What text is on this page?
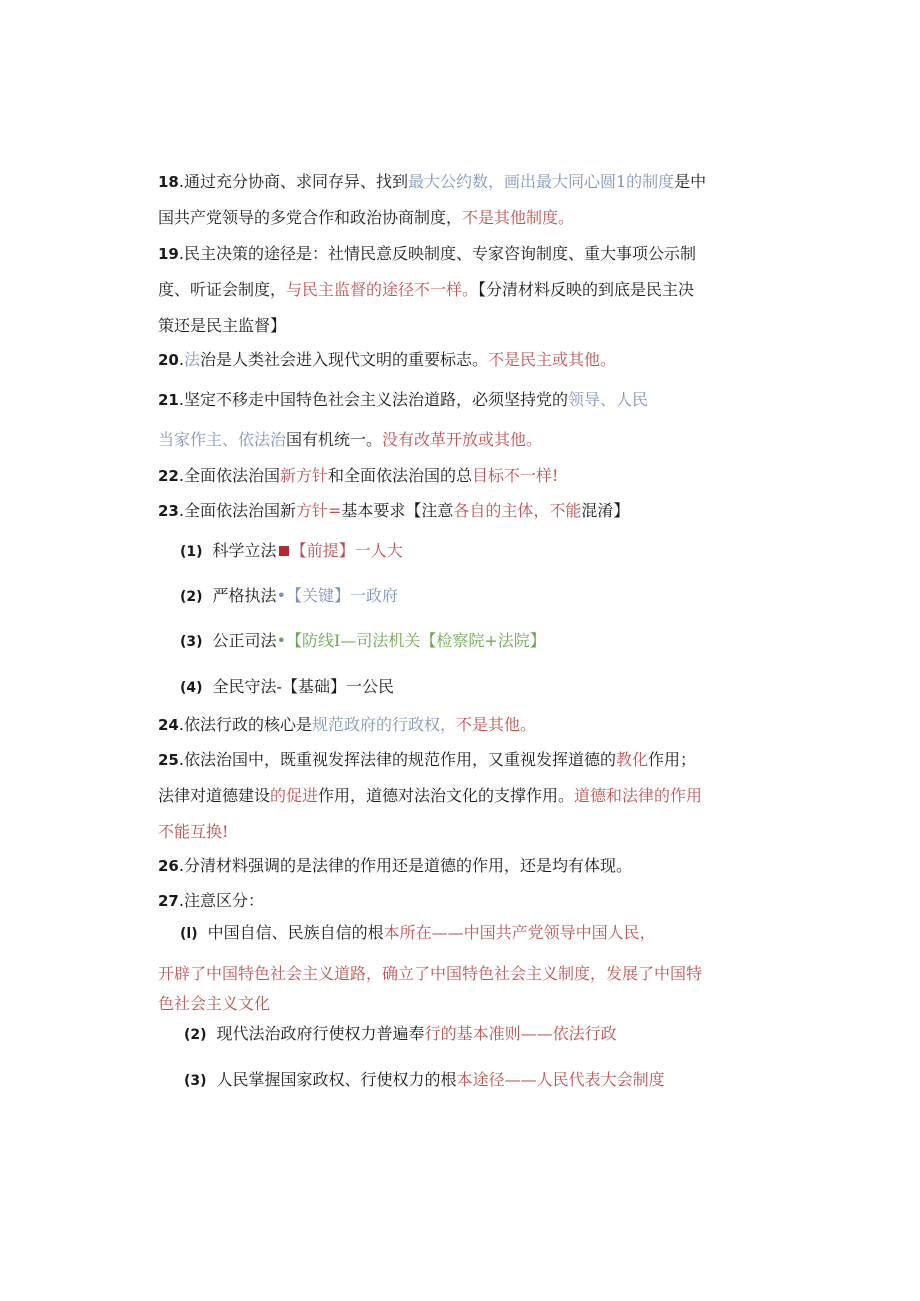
18.通过充分协商、求同存异、找到最大公约数，画出最大同心圆1的制度是中
国共产党领导的多党合作和政治协商制度，不是其他制度。
19.民主决策的途径是：社情民意反映制度、专家咨询制度、重大事项公示制
度、听证会制度，与民主监督的途径不一样。【分清材料反映的到底是民主决
策还是民主监督】
20.法治是人类社会进入现代文明的重要标志。不是民主或其他。
21.坚定不移走中国特色社会主义法治道路，必须坚持党的领导、人民
当家作主、依法治国有机统一。没有改革开放或其他。
22.全面依法治国新方针和全面依法治国的总目标不一样!
23.全面依法治国新方针=基本要求【注意各自的主体，不能混淆】
(1) 科学立法 【前提】一人大
(2) 严格执法•【关键】一政府
(3) 公正司法•【防线I—司法机关【检察院+法院】
(4) 全民守法-【基础】一公民
24.依法行政的核心是规范政府的行政权，不是其他。
25.依法治国中，既重视发挥法律的规范作用，又重视发挥道德的教化作用；
法律对道德建设的促进作用，道德对法治文化的支撑作用。道德和法律的作用
不能互换!
26.分清材料强调的是法律的作用还是道德的作用，还是均有体现。
27.注意区分：
(l) 中国自信、民族自信的根本所在——中国共产党领导中国人民，
开辟了中国特色社会主义道路，确立了中国特色社会主义制度，发展了中国特
色社会主义文化
(2) 现代法治政府行使权力普遍奉行的基本准则——依法行政
(3) 人民掌握国家政权、行使权力的根本途径——人民代表大会制度
